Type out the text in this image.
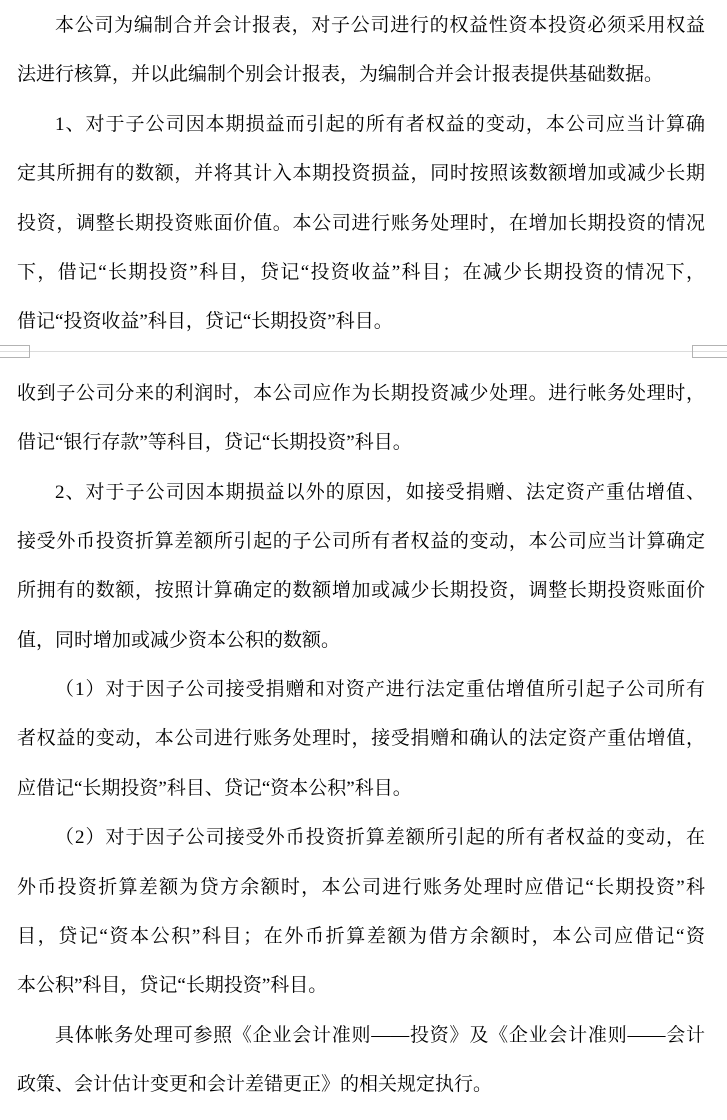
本公司为编制合并会计报表，对子公司进行的权益性资本投资必须采用权益
法进行核算，并以此编制个别会计报表，为编制合并会计报表提供基础数据。
1、对于子公司因本期损益而引起的所有者权益的变动，本公司应当计算确
定其所拥有的数额，并将其计入本期投资损益，同时按照该数额增加或减少长期
投资，调整长期投资账面价值。本公司进行账务处理时，在增加长期投资的情况
下，借记“长期投资”科目，贷记“投资收益”科目；在减少长期投资的情况下，
借记“投资收益”科目，贷记“长期投资”科目。
收到子公司分来的利润时，本公司应作为长期投资减少处理。进行帐务处理时，
借记“银行存款”等科目，贷记“长期投资”科目。
2、对于子公司因本期损益以外的原因，如接受捐赠、法定资产重估增值、
接受外币投资折算差额所引起的子公司所有者权益的变动，本公司应当计算确定
所拥有的数额，按照计算确定的数额增加或减少长期投资，调整长期投资账面价
值，同时增加或减少资本公积的数额。
（1）对于因子公司接受捐赠和对资产进行法定重估增值所引起子公司所有
者权益的变动，本公司进行账务处理时，接受捐赠和确认的法定资产重估增值，
应借记“长期投资”科目、贷记“资本公积”科目。
（2）对于因子公司接受外币投资折算差额所引起的所有者权益的变动，在
外币投资折算差额为贷方余额时，本公司进行账务处理时应借记“长期投资”科
目，贷记“资本公积”科目；在外币折算差额为借方余额时，本公司应借记“资
本公积”科目，贷记“长期投资”科目。
具体帐务处理可参照《企业会计准则——投资》及《企业会计准则——会计
政策、会计估计变更和会计差错更正》的相关规定执行。
